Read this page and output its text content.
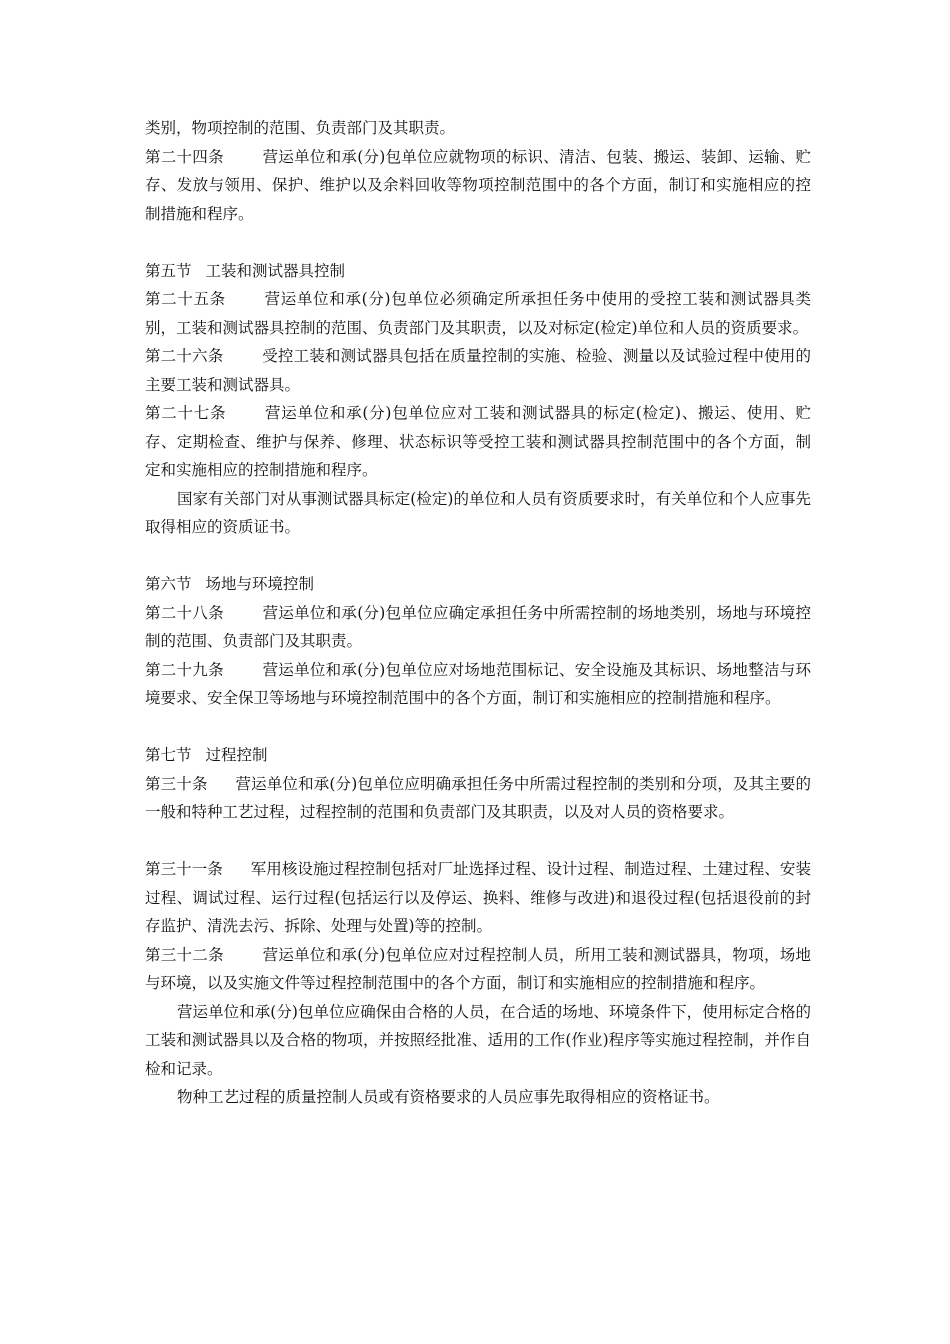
类别，物项控制的范围、负责部门及其职责。

第二十四条	营运单位和承(分)包单位应就物项的标识、清洁、包装、搬运、装卸、运输、贮存、发放与领用、保护、维护以及余料回收等物项控制范围中的各个方面，制订和实施相应的控制措施和程序。

第五节 工装和测试器具控制

第二十五条	营运单位和承(分)包单位必须确定所承担任务中使用的受控工装和测试器具类别，工装和测试器具控制的范围、负责部门及其职责，以及对标定(检定)单位和人员的资质要求。

第二十六条	受控工装和测试器具包括在质量控制的实施、检验、测量以及试验过程中使用的主要工装和测试器具。

第二十七条	营运单位和承(分)包单位应对工装和测试器具的标定(检定)、搬运、使用、贮存、定期检查、维护与保养、修理、状态标识等受控工装和测试器具控制范围中的各个方面，制定和实施相应的控制措施和程序。

国家有关部门对从事测试器具标定(检定)的单位和人员有资质要求时，有关单位和个人应事先取得相应的资质证书。

第六节 场地与环境控制

第二十八条	营运单位和承(分)包单位应确定承担任务中所需控制的场地类别，场地与环境控制的范围、负责部门及其职责。

第二十九条	营运单位和承(分)包单位应对场地范围标记、安全设施及其标识、场地整洁与环境要求、安全保卫等场地与环境控制范围中的各个方面，制订和实施相应的控制措施和程序。

第七节 过程控制

第三十条 营运单位和承(分)包单位应明确承担任务中所需过程控制的类别和分项，及其主要的一般和特种工艺过程，过程控制的范围和负责部门及其职责，以及对人员的资格要求。

第三十一条 军用核设施过程控制包括对厂址选择过程、设计过程、制造过程、土建过程、安装过程、调试过程、运行过程(包括运行以及停运、换料、维修与改进)和退役过程(包括退役前的封存监护、清洗去污、拆除、处理与处置)等的控制。

第三十二条	营运单位和承(分)包单位应对过程控制人员，所用工装和测试器具，物项，场地与环境，以及实施文件等过程控制范围中的各个方面，制订和实施相应的控制措施和程序。

营运单位和承(分)包单位应确保由合格的人员，在合适的场地、环境条件下，使用标定合格的工装和测试器具以及合格的物项，并按照经批准、适用的工作(作业)程序等实施过程控制，并作自检和记录。

物种工艺过程的质量控制人员或有资格要求的人员应事先取得相应的资格证书。
